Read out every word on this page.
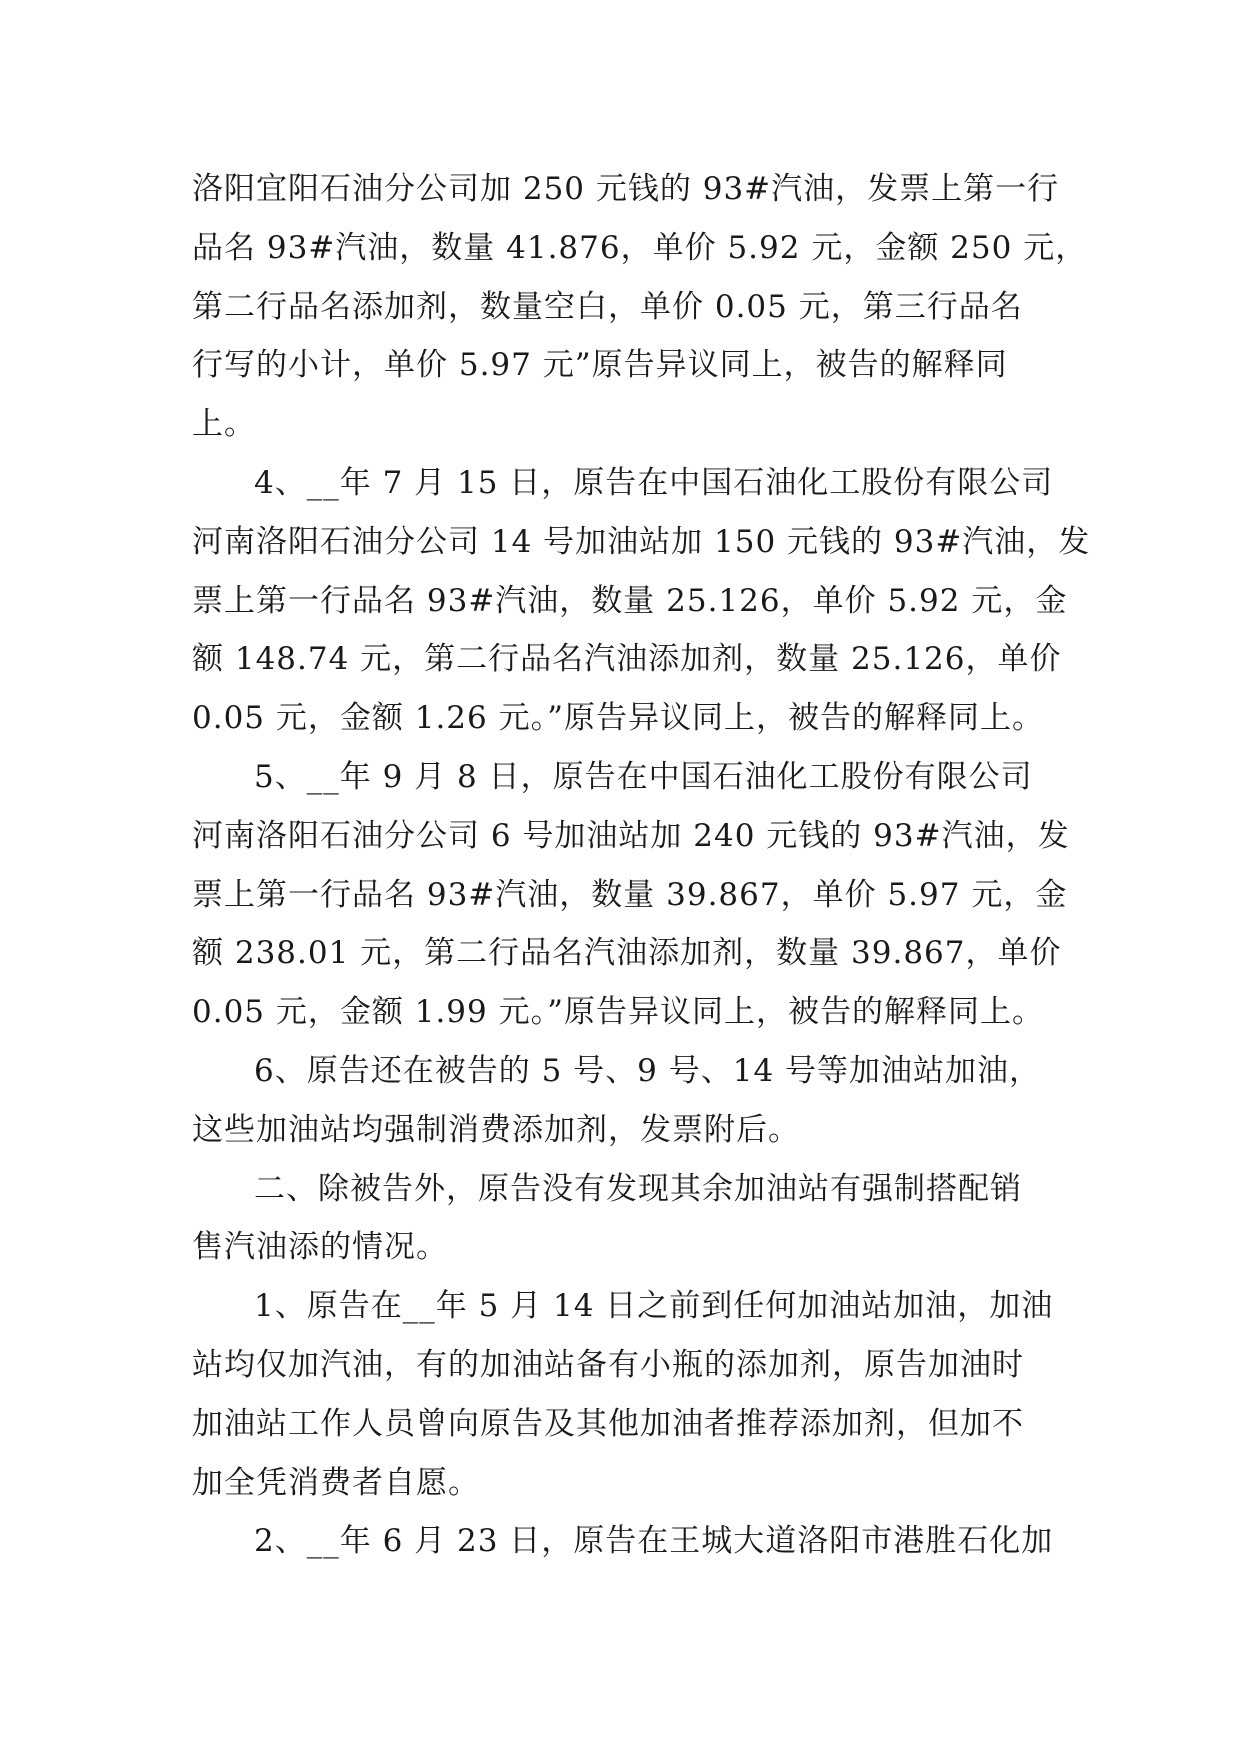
洛阳宜阳石油分公司加 250 元钱的 93#汽油，发票上第一行
品名 93#汽油，数量 41.876，单价 5.92 元，金额 250 元，
第二行品名添加剂，数量空白，单价 0.05 元，第三行品名
行写的小计，单价 5.97 元”原告异议同上，被告的解释同
上。
4、__年 7 月 15 日，原告在中国石油化工股份有限公司
河南洛阳石油分公司 14 号加油站加 150 元钱的 93#汽油，发
票上第一行品名 93#汽油，数量 25.126，单价 5.92 元，金
额 148.74 元，第二行品名汽油添加剂，数量 25.126，单价
0.05 元，金额 1.26 元。”原告异议同上，被告的解释同上。
5、__年 9 月 8 日，原告在中国石油化工股份有限公司
河南洛阳石油分公司 6 号加油站加 240 元钱的 93#汽油，发
票上第一行品名 93#汽油，数量 39.867，单价 5.97 元，金
额 238.01 元，第二行品名汽油添加剂，数量 39.867，单价
0.05 元，金额 1.99 元。”原告异议同上，被告的解释同上。
6、原告还在被告的 5 号、9 号、14 号等加油站加油，
这些加油站均强制消费添加剂，发票附后。
二、除被告外，原告没有发现其余加油站有强制搭配销
售汽油添的情况。
1、原告在__年 5 月 14 日之前到任何加油站加油，加油
站均仅加汽油，有的加油站备有小瓶的添加剂，原告加油时
加油站工作人员曾向原告及其他加油者推荐添加剂，但加不
加全凭消费者自愿。
2、__年 6 月 23 日，原告在王城大道洛阳市港胜石化加
